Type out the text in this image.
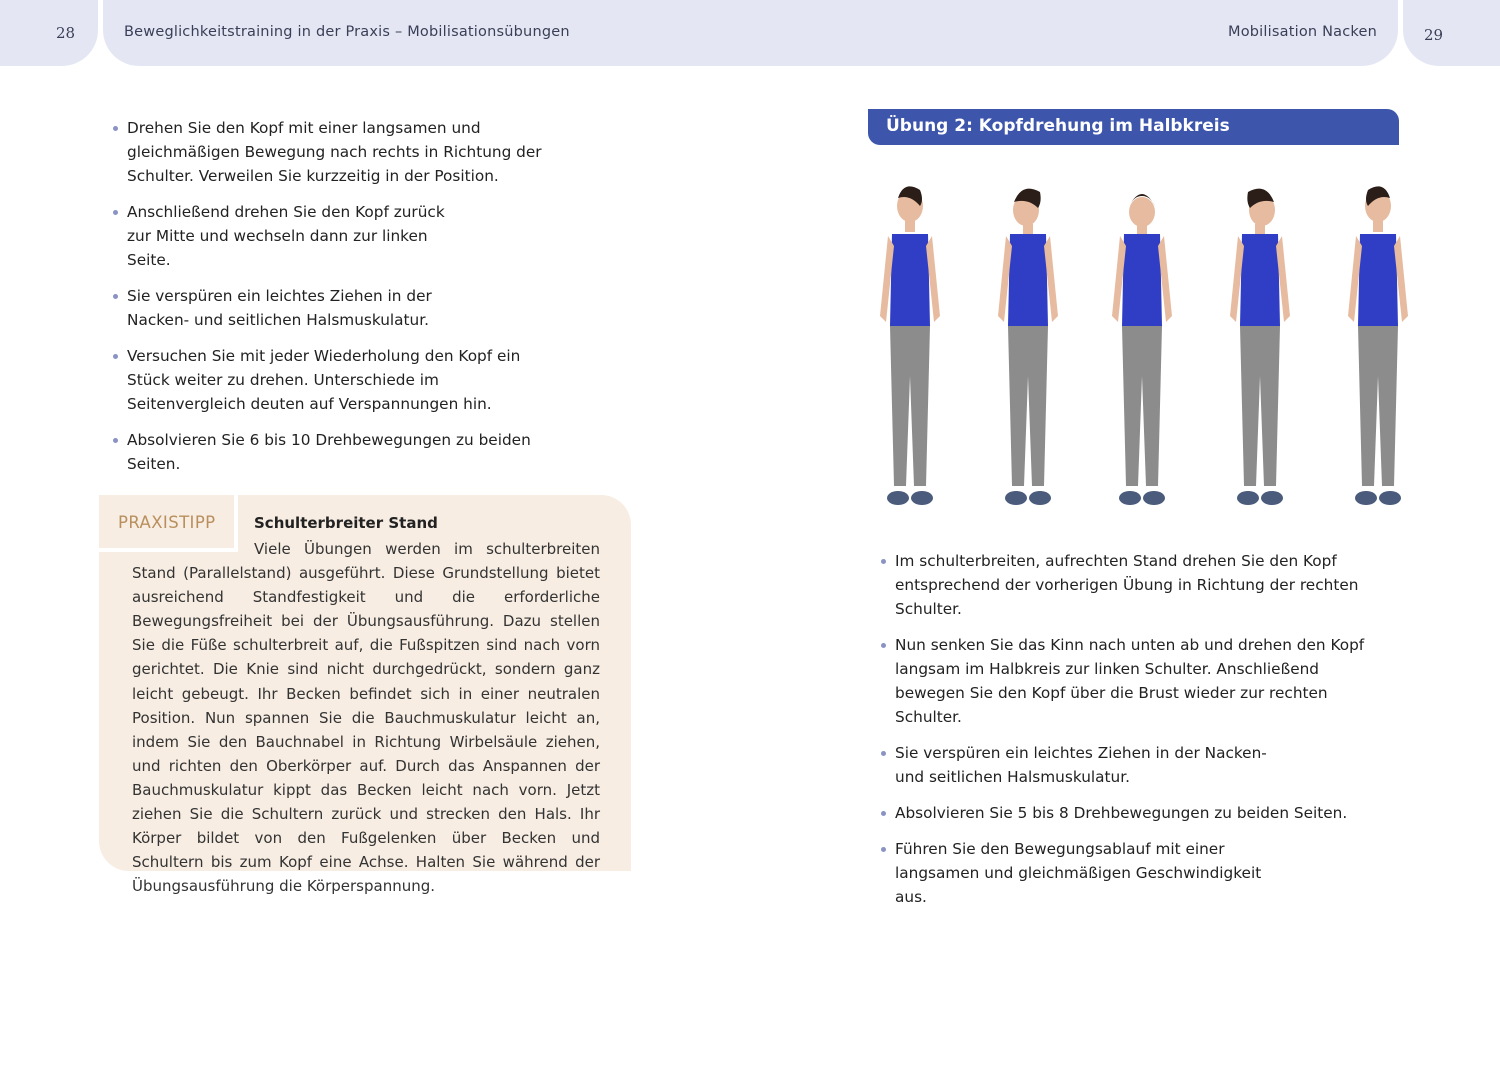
28	Beweglichkeitstraining in der Praxis – Mobilisationsübungen	Mobilisation Nacken	29
Drehen Sie den Kopf mit einer langsamen und gleichmäßigen Bewegung nach rechts in Richtung der Schulter. Verweilen Sie kurzzeitig in der Position.
Anschließend drehen Sie den Kopf zurück zur Mitte und wechseln dann zur linken Seite.
Sie verspüren ein leichtes Ziehen in der Nacken- und seitlichen Halsmuskulatur.
Versuchen Sie mit jeder Wiederholung den Kopf ein Stück weiter zu drehen. Unterschiede im Seitenvergleich deuten auf Verspannungen hin.
Absolvieren Sie 6 bis 10 Drehbewegungen zu beiden Seiten.
PRAXISTIPP	Schulterbreiter Stand
Viele Übungen werden im schulterbreiten Stand (Parallelstand) ausgeführt. Diese Grundstellung bietet ausreichend Standfestigkeit und die erforderliche Bewegungsfreiheit bei der Übungsausführung. Dazu stellen Sie die Füße schulterbreit auf, die Fußspitzen sind nach vorn gerichtet. Die Knie sind nicht durchgedrückt, sondern ganz leicht gebeugt. Ihr Becken befindet sich in einer neutralen Position. Nun spannen Sie die Bauchmuskulatur leicht an, indem Sie den Bauchnabel in Richtung Wirbelsäule ziehen, und richten den Oberkörper auf. Durch das Anspannen der Bauchmuskulatur kippt das Becken leicht nach vorn. Jetzt ziehen Sie die Schultern zurück und strecken den Hals. Ihr Körper bildet von den Fußgelenken über Becken und Schultern bis zum Kopf eine Achse. Halten Sie während der Übungsausführung die Körperspannung.
Übung 2: Kopfdrehung im Halbkreis
Im schulterbreiten, aufrechten Stand drehen Sie den Kopf entsprechend der vorherigen Übung in Richtung der rechten Schulter.
Nun senken Sie das Kinn nach unten ab und drehen den Kopf langsam im Halbkreis zur linken Schulter. Anschließend bewegen Sie den Kopf über die Brust wieder zur rechten Schulter.
Sie verspüren ein leichtes Ziehen in der Nacken- und seitlichen Halsmuskulatur.
Absolvieren Sie 5 bis 8 Drehbewegungen zu beiden Seiten.
Führen Sie den Bewegungsablauf mit einer langsamen und gleichmäßigen Geschwindigkeit aus.
